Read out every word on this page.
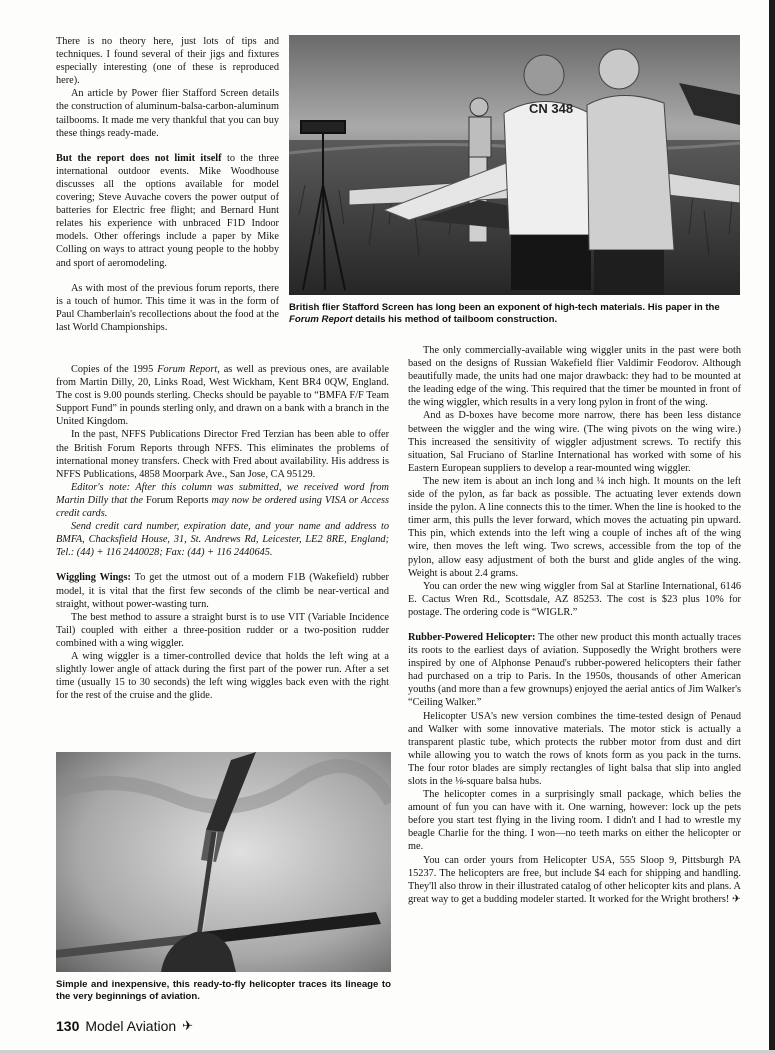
There is no theory here, just lots of tips and techniques. I found several of their jigs and fixtures especially interesting (one of these is reproduced here).

An article by Power flier Stafford Screen details the construction of aluminum-balsa-carbon-aluminum tailbooms. It made me very thankful that you can buy these things ready-made.

But the report does not limit itself to the three international outdoor events. Mike Woodhouse discusses all the options available for model covering; Steve Auvache covers the power output of batteries for Electric free flight; and Bernard Hunt relates his experience with unbraced F1D Indoor models. Other offerings include a paper by Mike Colling on ways to attract young people to the hobby and sport of aeromodeling.

As with most of the previous forum reports, there is a touch of humor. This time it was in the form of Paul Chamberlain's recollections about the food at the last World Championships.

CN 348
British flier Stafford Screen has long been an exponent of high-tech materials. His paper in the Forum Report details his method of tailboom construction.

Copies of the 1995 Forum Report, as well as previous ones, are available from Martin Dilly, 20, Links Road, West Wickham, Kent BR4 0QW, England. The cost is 9.00 pounds sterling. Checks should be payable to “BMFA F/F Team Support Fund” in pounds sterling only, and drawn on a bank with a branch in the United Kingdom.

In the past, NFFS Publications Director Fred Terzian has been able to offer the British Forum Reports through NFFS. This eliminates the problems of international money transfers. Check with Fred about availability. His address is NFFS Publications, 4858 Moorpark Ave., San Jose, CA 95129.

Editor's note: After this column was submitted, we received word from Martin Dilly that the Forum Reports may now be ordered using VISA or Access credit cards.

Send credit card number, expiration date, and your name and address to BMFA, Chacksfield House, 31, St. Andrews Rd, Leicester, LE2 8RE, England; Tel.: (44) + 116 2440028; Fax: (44) + 116 2440645.

Wiggling Wings: To get the utmost out of a modern F1B (Wakefield) rubber model, it is vital that the first few seconds of the climb be near-vertical and straight, without power-wasting turn.

The best method to assure a straight burst is to use VIT (Variable Incidence Tail) coupled with either a three-position rudder or a two-position rudder combined with a wing wiggler.

A wing wiggler is a timer-controlled device that holds the left wing at a slightly lower angle of attack during the first part of the power run. After a set time (usually 15 to 30 seconds) the left wing wiggles back even with the right for the rest of the cruise and the glide.

Simple and inexpensive, this ready-to-fly helicopter traces its lineage to the very beginnings of aviation.

The only commercially-available wing wiggler units in the past were both based on the designs of Russian Wakefield flier Valdimir Feodorov. Although beautifully made, the units had one major drawback: they had to be mounted at the leading edge of the wing. This required that the timer be mounted in front of the wing wiggler, which results in a very long pylon in front of the wing.

And as D-boxes have become more narrow, there has been less distance between the wiggler and the wing wire. (The wing pivots on the wing wire.) This increased the sensitivity of wiggler adjustment screws. To rectify this situation, Sal Fruciano of Starline International has worked with some of his Eastern European suppliers to develop a rear-mounted wing wiggler.

The new item is about an inch long and ¼ inch high. It mounts on the left side of the pylon, as far back as possible. The actuating lever extends down inside the pylon. A line connects this to the timer. When the line is hooked to the timer arm, this pulls the lever forward, which moves the actuating pin upward. This pin, which extends into the left wing a couple of inches aft of the wing wire, then moves the left wing. Two screws, accessible from the top of the pylon, allow easy adjustment of both the burst and glide angles of the wing. Weight is about 2.4 grams.

You can order the new wing wiggler from Sal at Starline International, 6146 E. Cactus Wren Rd., Scottsdale, AZ 85253. The cost is $23 plus 10% for postage. The ordering code is “WIGLR.”

Rubber-Powered Helicopter: The other new product this month actually traces its roots to the earliest days of aviation. Supposedly the Wright brothers were inspired by one of Alphonse Penaud's rubber-powered helicopters their father had purchased on a trip to Paris. In the 1950s, thousands of other American youths (and more than a few grownups) enjoyed the aerial antics of Jim Walker's “Ceiling Walker.”

Helicopter USA's new version combines the time-tested design of Penaud and Walker with some innovative materials. The motor stick is actually a transparent plastic tube, which protects the rubber motor from dust and dirt while allowing you to watch the rows of knots form as you pack in the turns. The four rotor blades are simply rectangles of light balsa that slip into angled slots in the ⅛-square balsa hubs.

The helicopter comes in a surprisingly small package, which belies the amount of fun you can have with it. One warning, however: lock up the pets before you start test flying in the living room. I didn't and I had to wrestle my beagle Charlie for the thing. I won—no teeth marks on either the helicopter or me.

You can order yours from Helicopter USA, 555 Sloop 9, Pittsburgh PA 15237. The helicopters are free, but include $4 each for shipping and handling. They'll also throw in their illustrated catalog of other helicopter kits and plans. A great way to get a budding modeler started. It worked for the Wright brothers! ✈

130 Model Aviation ✈
